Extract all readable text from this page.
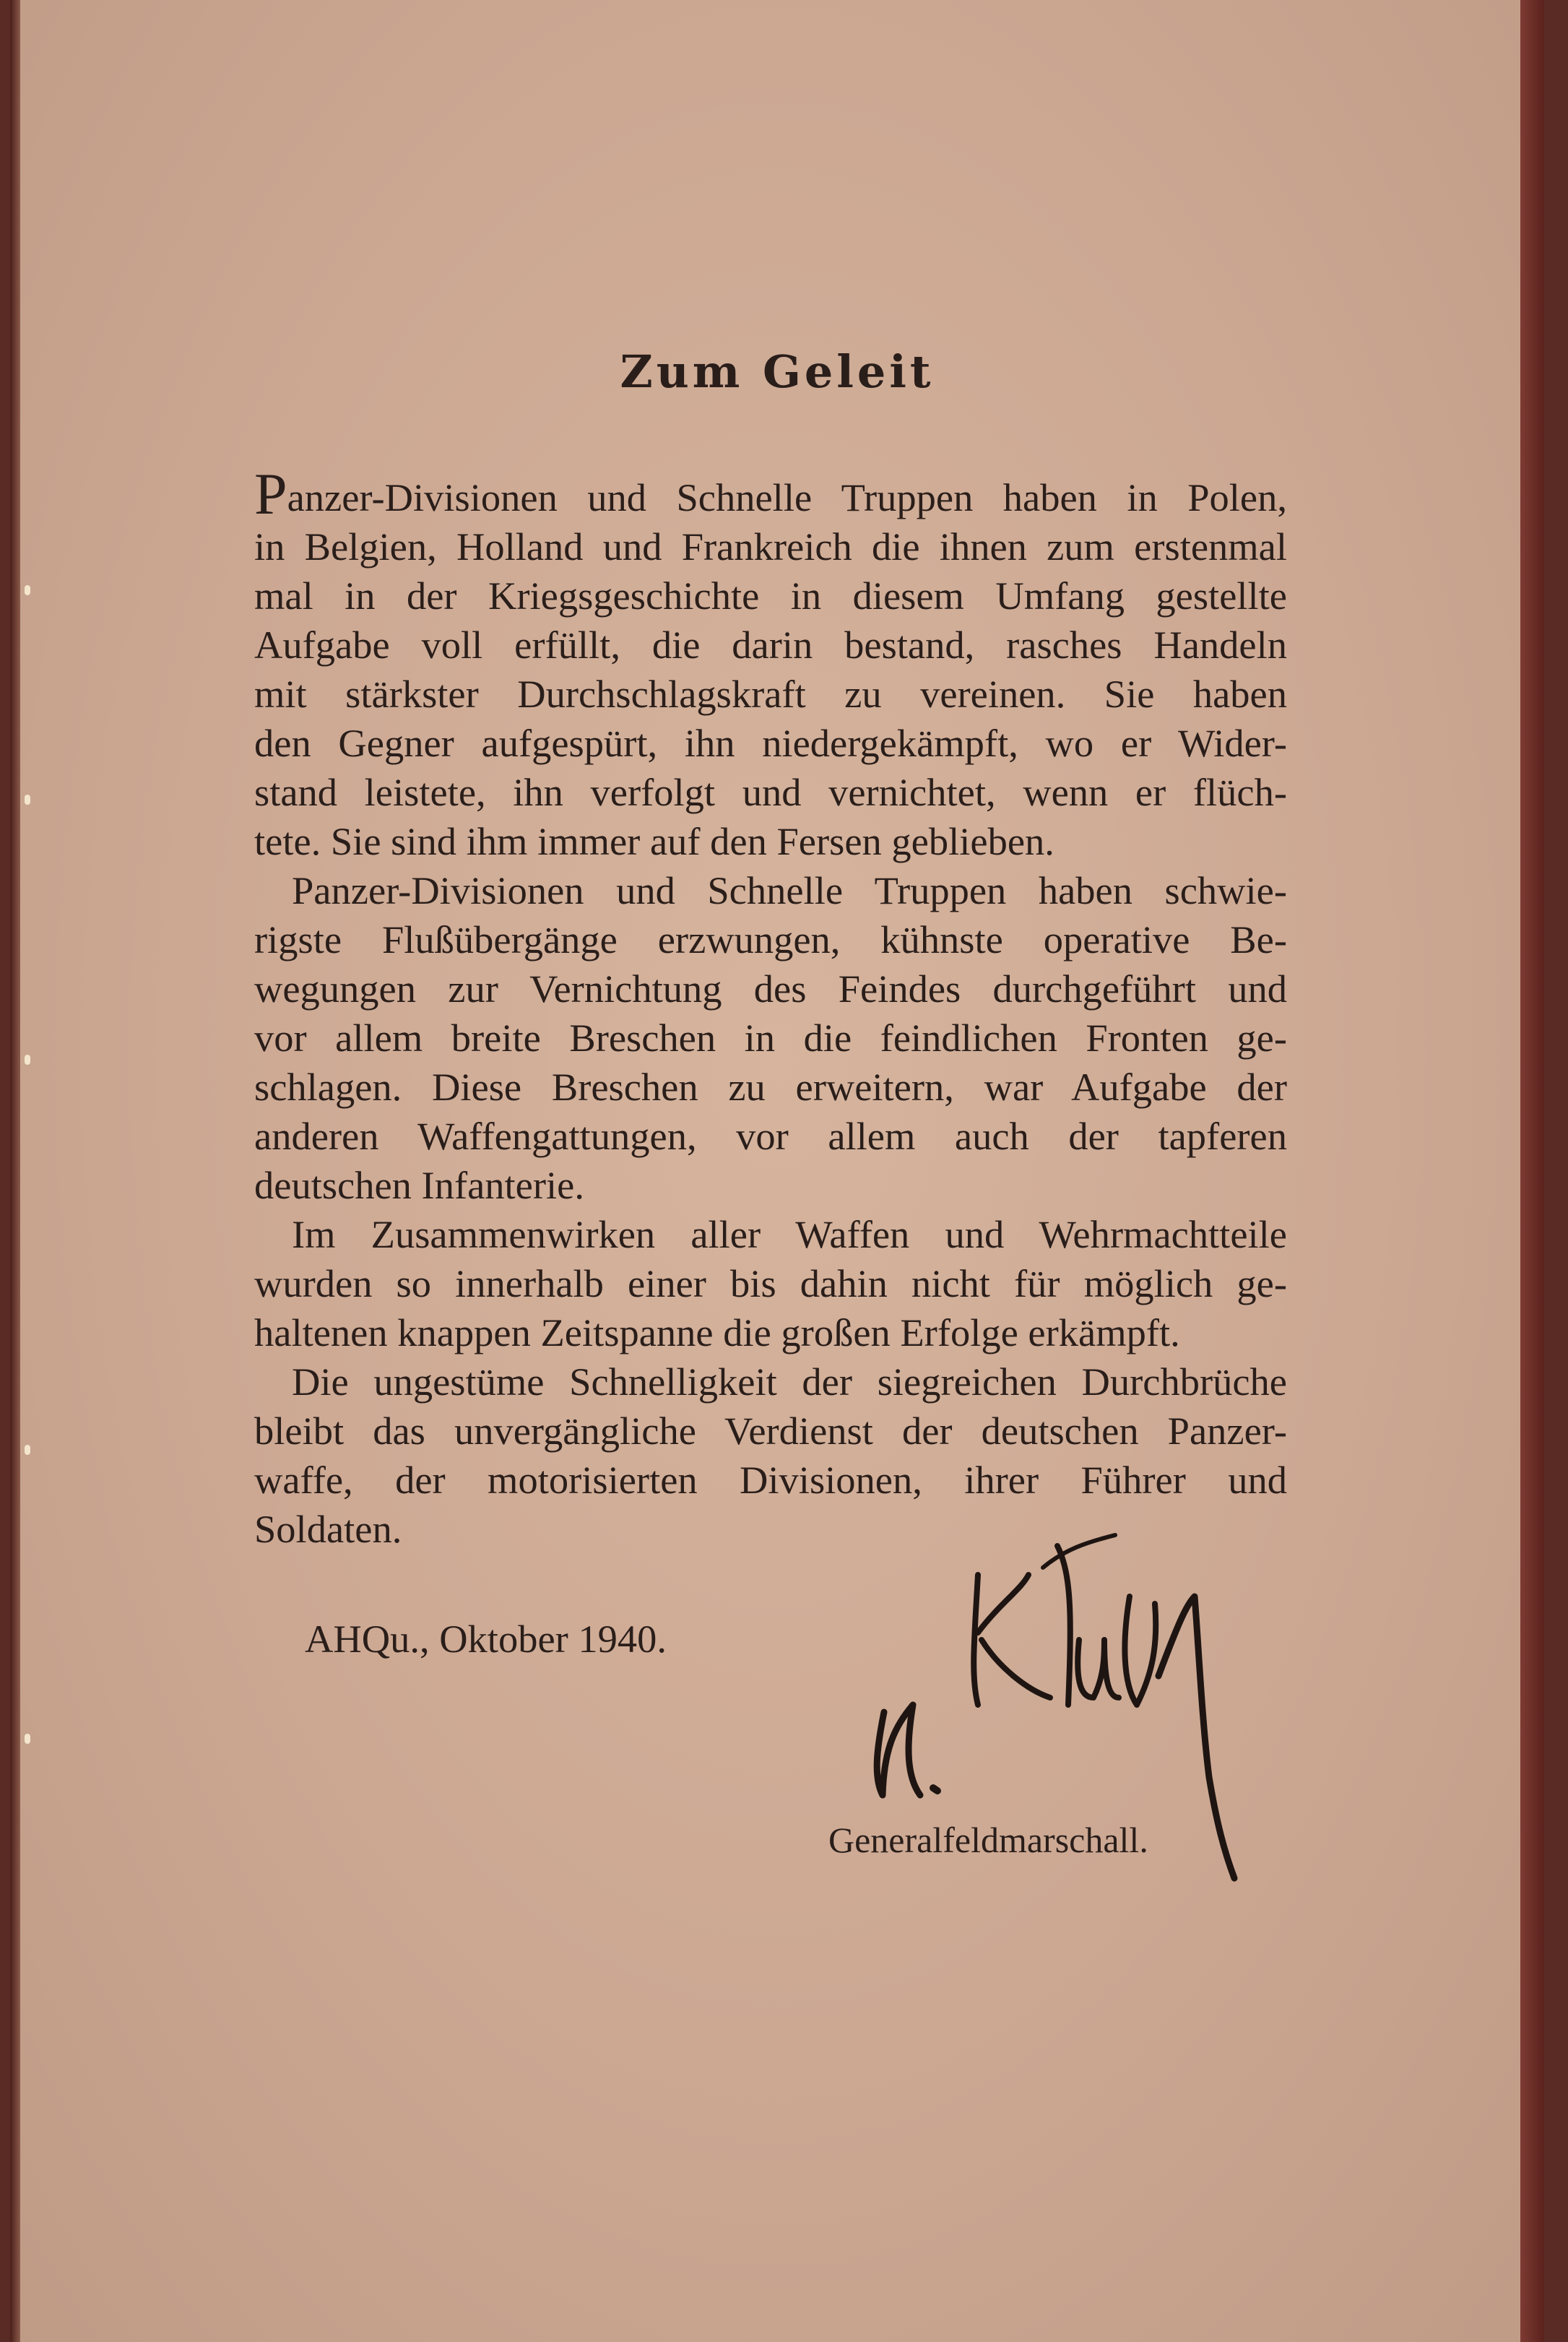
Zum Geleit
Panzer-Divisionen und Schnelle Truppen haben in Polen,
in Belgien, Holland und Frankreich die ihnen zum erstenmal
mal in der Kriegsgeschichte in diesem Umfang gestellte
Aufgabe voll erfüllt, die darin bestand, rasches Handeln
mit stärkster Durchschlagskraft zu vereinen. Sie haben
den Gegner aufgespürt, ihn niedergekämpft, wo er Wider-
stand leistete, ihn verfolgt und vernichtet, wenn er flüch-
tete. Sie sind ihm immer auf den Fersen geblieben.
Panzer-Divisionen und Schnelle Truppen haben schwie-
rigste Flußübergänge erzwungen, kühnste operative Be-
wegungen zur Vernichtung des Feindes durchgeführt und
vor allem breite Breschen in die feindlichen Fronten ge-
schlagen. Diese Breschen zu erweitern, war Aufgabe der
anderen Waffengattungen, vor allem auch der tapferen
deutschen Infanterie.
Im Zusammenwirken aller Waffen und Wehrmachtteile
wurden so innerhalb einer bis dahin nicht für möglich ge-
haltenen knappen Zeitspanne die großen Erfolge erkämpft.
Die ungestüme Schnelligkeit der siegreichen Durchbrüche
bleibt das unvergängliche Verdienst der deutschen Panzer-
waffe, der motorisierten Divisionen, ihrer Führer und
Soldaten.
AHQu., Oktober 1940.
Generalfeldmarschall.
